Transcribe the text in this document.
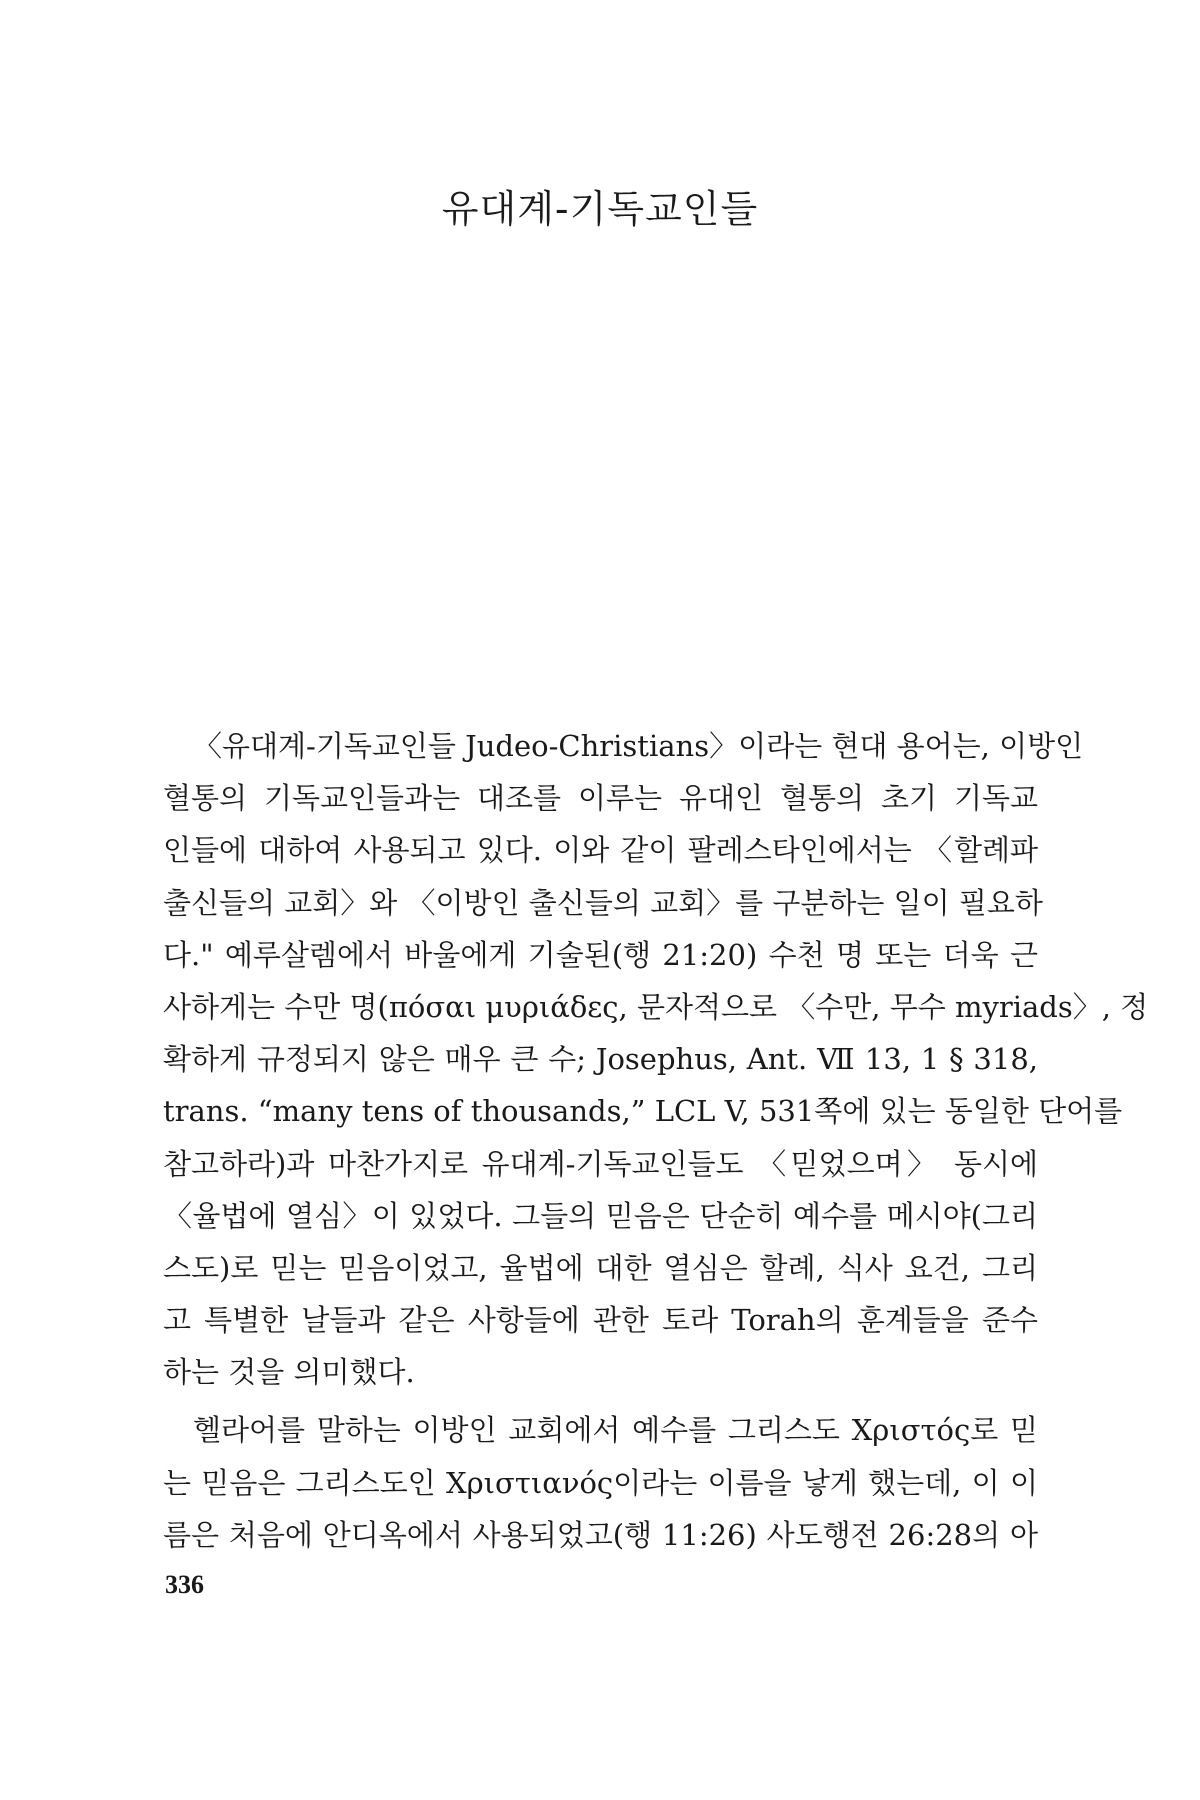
유대계-기독교인들
〈유대계-기독교인들 Judeo-Christians〉이라는 현대 용어는, 이방인
혈통의 기독교인들과는 대조를 이루는 유대인 혈통의 초기 기독교
인들에 대하여 사용되고 있다. 이와 같이 팔레스타인에서는 〈할례파
출신들의 교회〉와 〈이방인 출신들의 교회〉를 구분하는 일이 필요하
다." 예루살렘에서 바울에게 기술된(행 21:20) 수천 명 또는 더욱 근
사하게는 수만 명(πόσαι μυριάδες, 문자적으로 〈수만, 무수 myriads〉, 정
확하게 규정되지 않은 매우 큰 수; Josephus, Ant. Ⅶ 13, 1 § 318,
trans. “many tens of thousands,” LCL V, 531쪽에 있는 동일한 단어를
참고하라)과 마찬가지로 유대계-기독교인들도 〈믿었으며〉 동시에
〈율법에 열심〉이 있었다. 그들의 믿음은 단순히 예수를 메시야(그리
스도)로 믿는 믿음이었고, 율법에 대한 열심은 할례, 식사 요건, 그리
고 특별한 날들과 같은 사항들에 관한 토라 Torah의 훈계들을 준수
하는 것을 의미했다.
헬라어를 말하는 이방인 교회에서 예수를 그리스도 Χριστός로 믿
는 믿음은 그리스도인 Χριστιανός이라는 이름을 낳게 했는데, 이 이
름은 처음에 안디옥에서 사용되었고(행 11:26) 사도행전 26:28의 아
336
